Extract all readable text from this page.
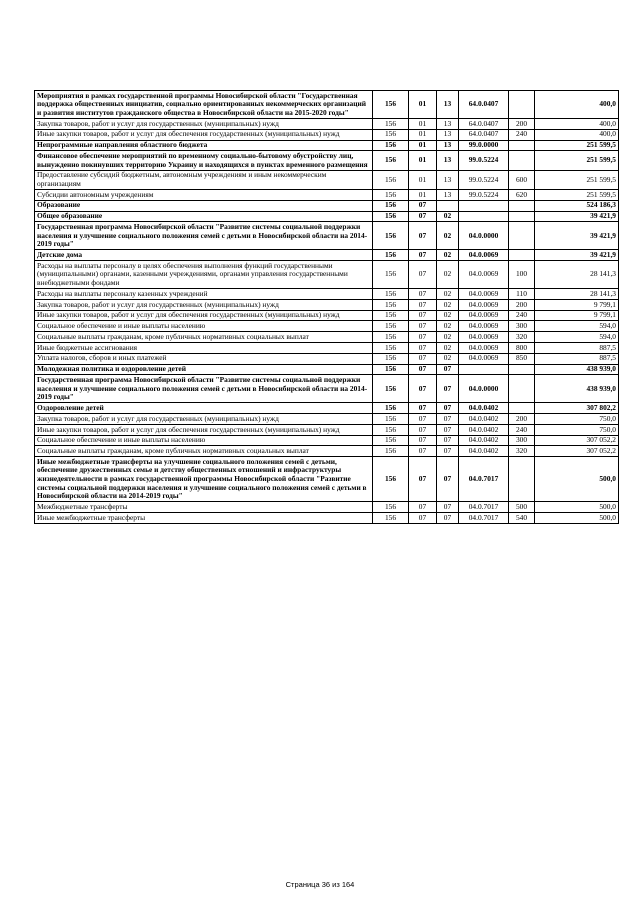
Мероприятия в рамках государственной программы Новосибирской области "Государственная поддержка общественных инициатив, социально ориентированных некоммерческих организаций и развития институтов гражданского общества в Новосибирской области на 2015-2020 годы"	156	01	13	64.0.0407		400,0
Закупка товаров, работ и услуг для государственных (муниципальных) нужд	156	01	13	64.0.0407	200	400,0
Иные закупки товаров, работ и услуг для обеспечения государственных (муниципальных) нужд	156	01	13	64.0.0407	240	400,0
Непрограммные направления областного бюджета	156	01	13	99.0.0000		251 599,5
Финансовое обеспечение мероприятий по временному социально-бытовому обустройству лиц, вынужденно покинувших территорию Украину и находящихся в пунктах временного размещения	156	01	13	99.0.5224		251 599,5
Предоставление субсидий бюджетным, автономным учреждениям и иным некоммерческим организациям	156	01	13	99.0.5224	600	251 599,5
Субсидии автономным учреждениям	156	01	13	99.0.5224	620	251 599,5
Образование	156	07				524 186,3
Общее образование	156	07	02			39 421,9
Государственная программа Новосибирской области "Развитие системы социальной поддержки населения и улучшение социального положения семей с детьми в Новосибирской области на 2014-2019 годы"	156	07	02	04.0.0000		39 421,9
Детские дома	156	07	02	04.0.0069		39 421,9
Расходы на выплаты персоналу в целях обеспечения выполнения функций государственными (муниципальными) органами, казенными учреждениями, органами управления государственными внебюджетными фондами	156	07	02	04.0.0069	100	28 141,3
Расходы на выплаты персоналу казенных учреждений	156	07	02	04.0.0069	110	28 141,3
Закупка товаров, работ и услуг для государственных (муниципальных) нужд	156	07	02	04.0.0069	200	9 799,1
Иные закупки товаров, работ и услуг для обеспечения государственных (муниципальных) нужд	156	07	02	04.0.0069	240	9 799,1
Социальное обеспечение и иные выплаты населению	156	07	02	04.0.0069	300	594,0
Социальные выплаты гражданам, кроме публичных нормативных социальных выплат	156	07	02	04.0.0069	320	594,0
Иные бюджетные ассигнования	156	07	02	04.0.0069	800	887,5
Уплата налогов, сборов и иных платежей	156	07	02	04.0.0069	850	887,5
Молодежная политика и оздоровление детей	156	07	07			438 939,0
Государственная программа Новосибирской области "Развитие системы социальной поддержки населения и улучшение социального положения семей с детьми в Новосибирской области на 2014-2019 годы"	156	07	07	04.0.0000		438 939,0
Оздоровление детей	156	07	07	04.0.0402		307 802,2
Закупка товаров, работ и услуг для государственных (муниципальных) нужд	156	07	07	04.0.0402	200	750,0
Иные закупки товаров, работ и услуг для обеспечения государственных (муниципальных) нужд	156	07	07	04.0.0402	240	750,0
Социальное обеспечение и иные выплаты населению	156	07	07	04.0.0402	300	307 052,2
Социальные выплаты гражданам, кроме публичных нормативных социальных выплат	156	07	07	04.0.0402	320	307 052,2
Иные межбюджетные трансферты на улучшение социального положения семей с детьми, обеспечение дружественных семье и детству общественных отношений и инфраструктуры жизнедеятельности в рамках государственной программы Новосибирской области "Развитие системы социальной поддержки населения и улучшение социального положения семей с детьми в Новосибирской области на 2014-2019 годы"	156	07	07	04.0.7017		500,0
Межбюджетные трансферты	156	07	07	04.0.7017	500	500,0
Иные межбюджетные трансферты	156	07	07	04.0.7017	540	500,0
Страница 36 из 164
